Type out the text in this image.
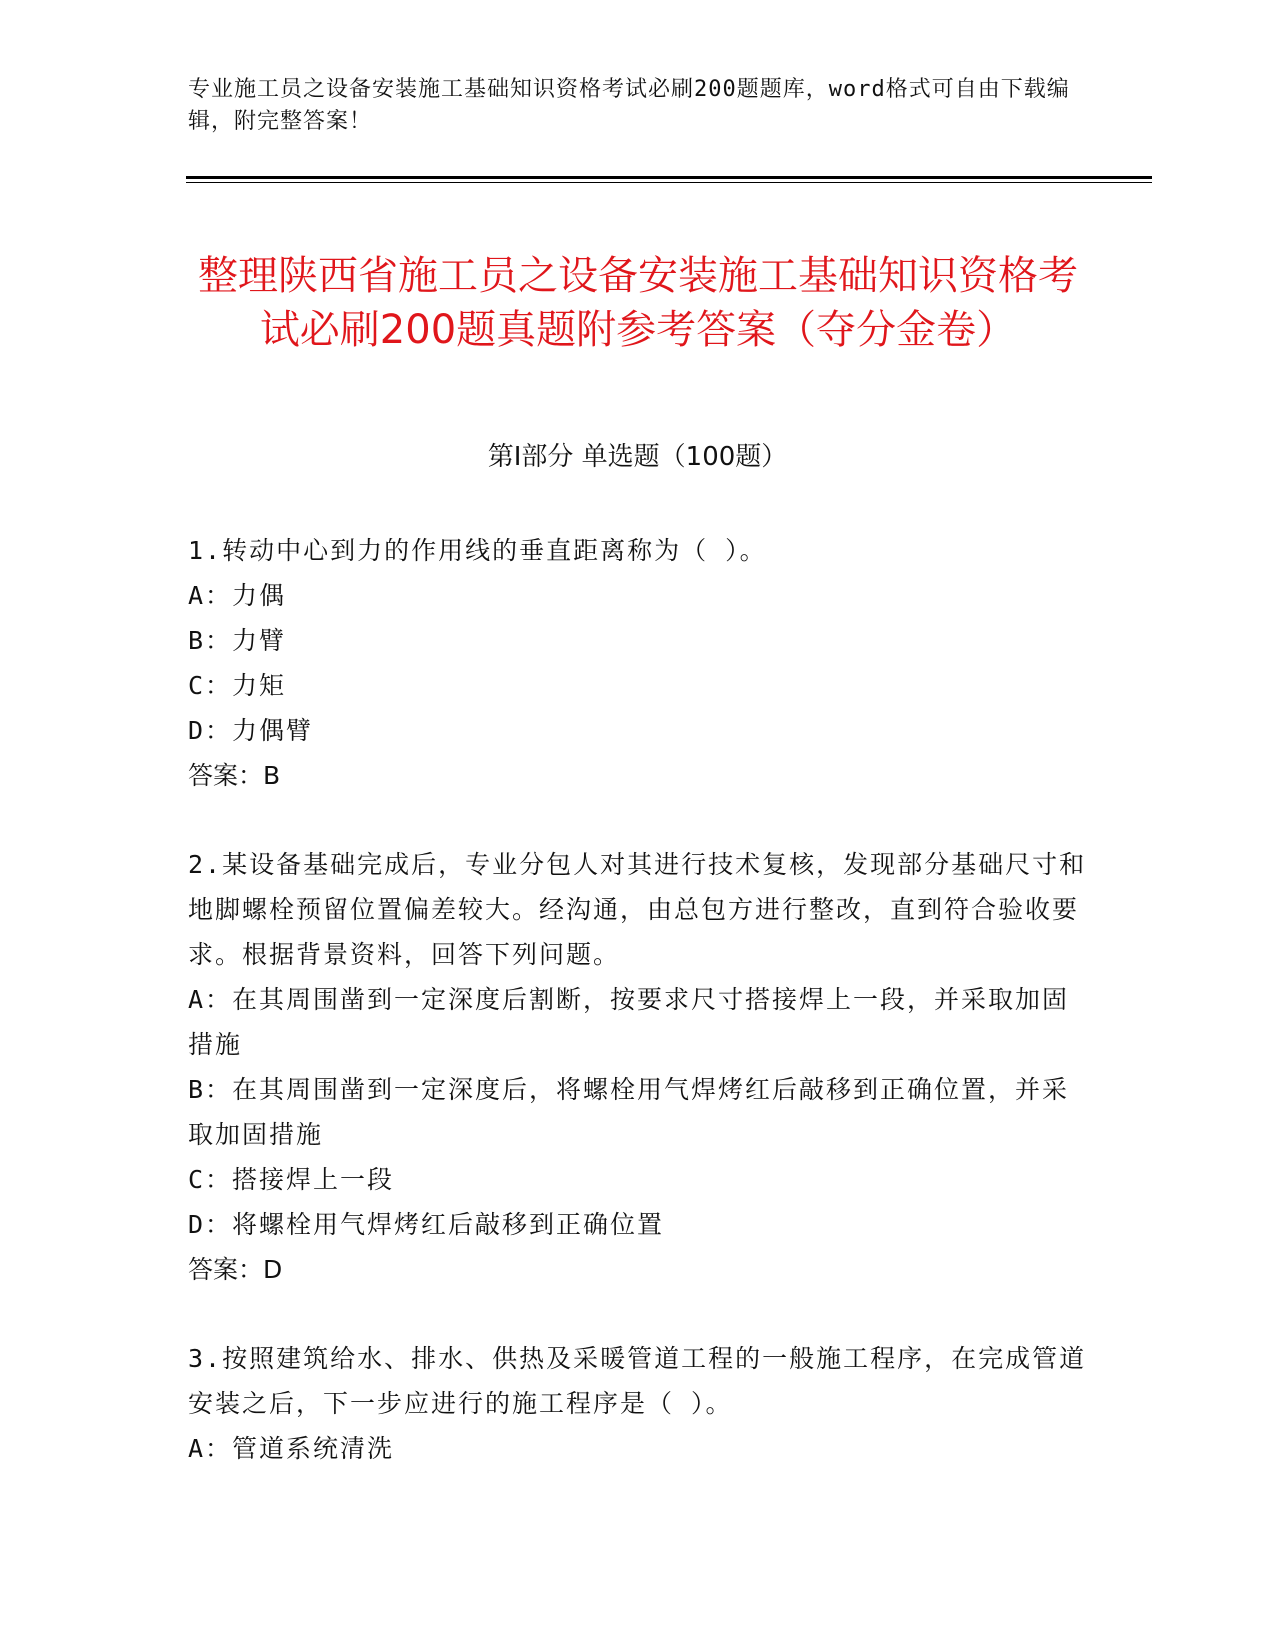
专业施工员之设备安装施工基础知识资格考试必刷200题题库，word格式可自由下载编辑，附完整答案！
整理陕西省施工员之设备安装施工基础知识资格考试必刷200题真题附参考答案（夺分金卷）
第Ⅰ部分 单选题（100题）
1.转动中心到力的作用线的垂直距离称为（ ）。
A：力偶
B：力臂
C：力矩
D：力偶臂
答案：B
2.某设备基础完成后，专业分包人对其进行技术复核，发现部分基础尺寸和地脚螺栓预留位置偏差较大。经沟通，由总包方进行整改，直到符合验收要求。根据背景资料，回答下列问题。
A：在其周围凿到一定深度后割断，按要求尺寸搭接焊上一段，并采取加固措施
B：在其周围凿到一定深度后，将螺栓用气焊烤红后敲移到正确位置，并采取加固措施
C：搭接焊上一段
D：将螺栓用气焊烤红后敲移到正确位置
答案：D
3.按照建筑给水、排水、供热及采暖管道工程的一般施工程序，在完成管道安装之后，下一步应进行的施工程序是（ ）。
A：管道系统清洗
